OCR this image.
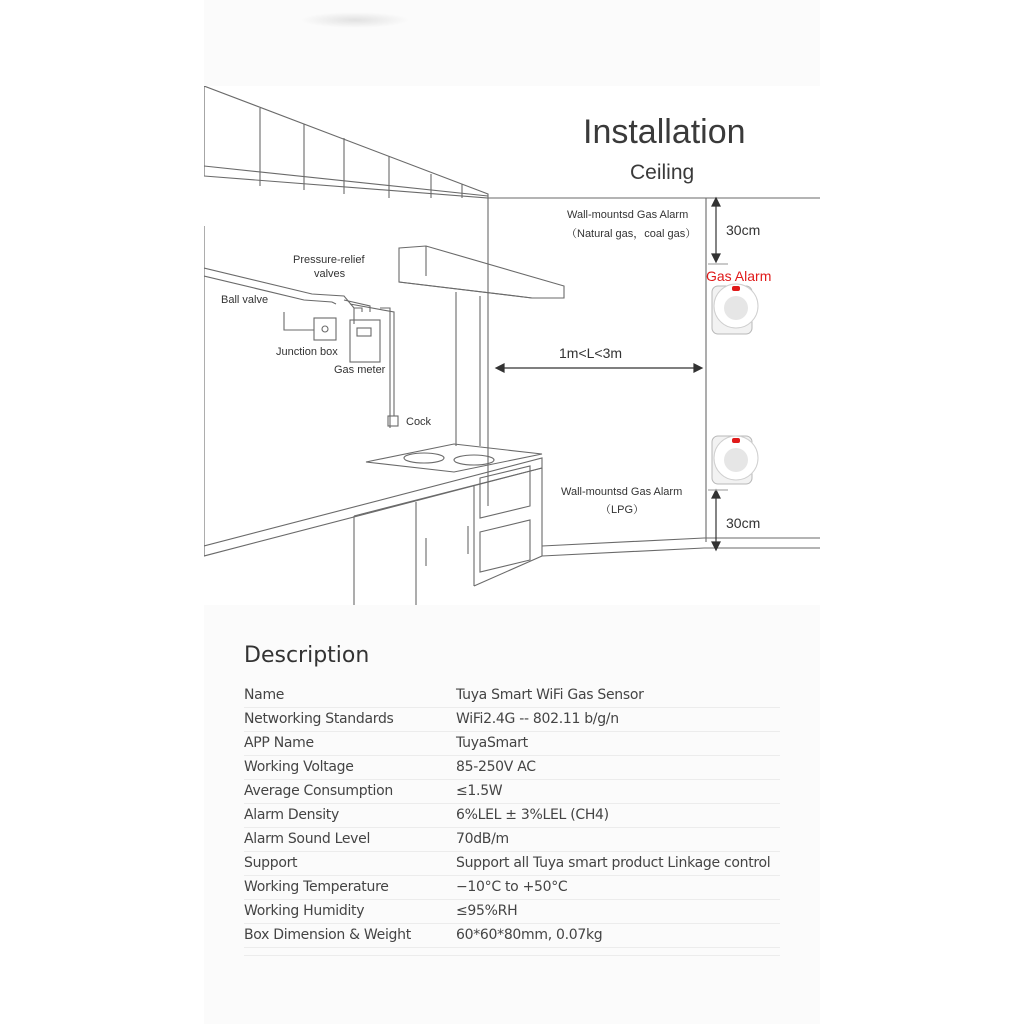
Installation
Ceiling
Wall-mountsd Gas Alarm
（Natural gas，coal gas） 30cm
Gas Alarm
1m<L<3m
Wall-mountsd Gas Alarm
（LPG）
30cm
Pressure-relief
valves
Ball valve
Junction box
Gas meter
Cock
Description
Name	Tuya Smart WiFi Gas Sensor
Networking Standards	WiFi2.4G -- 802.11 b/g/n
APP Name	TuyaSmart
Working Voltage	85-250V AC
Average Consumption	≤1.5W
Alarm Density	6%LEL ± 3%LEL (CH4)
Alarm Sound Level	70dB/m
Support	Support all Tuya smart product Linkage control
Working Temperature	−10°C to +50°C
Working Humidity	≤95%RH
Box Dimension & Weight	60*60*80mm, 0.07kg
